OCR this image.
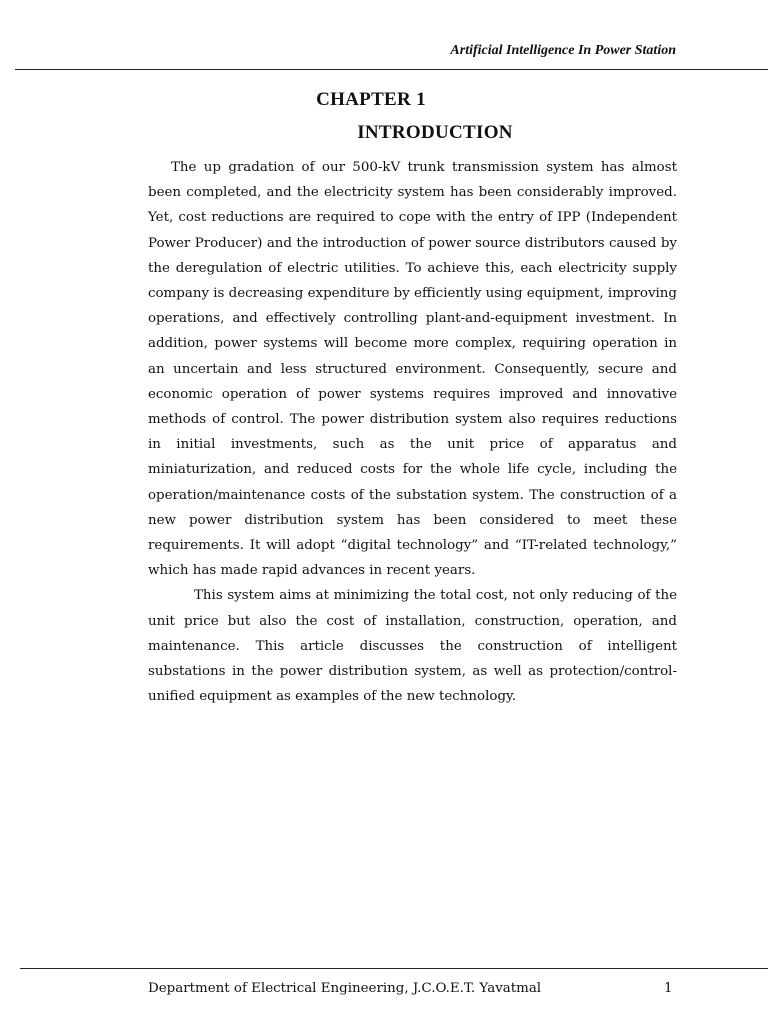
Artificial Intelligence In Power Station
CHAPTER 1
INTRODUCTION

The up gradation of our 500-kV trunk transmission system has almost been completed, and the electricity system has been considerably improved. Yet, cost reductions are required to cope with the entry of IPP (Independent Power Producer) and the introduction of power source distributors caused by the deregulation of electric utilities. To achieve this, each electricity supply company is decreasing expenditure by efficiently using equipment, improving operations, and effectively controlling plant-and-equipment investment. In addition, power systems will become more complex, requiring operation in an uncertain and less structured environment. Consequently, secure and economic operation of power systems requires improved and innovative methods of control. The power distribution system also requires reductions in initial investments, such as the unit price of apparatus and miniaturization, and reduced costs for the whole life cycle, including the operation/maintenance costs of the substation system. The construction of a new power distribution system has been considered to meet these requirements. It will adopt “digital technology” and “IT-related technology,” which has made rapid advances in recent years.

This system aims at minimizing the total cost, not only reducing of the unit price but also the cost of installation, construction, operation, and maintenance. This article discusses the construction of intelligent substations in the power distribution system, as well as protection/control-unified equipment as examples of the new technology.

Department of Electrical Engineering, J.C.O.E.T. Yavatmal	1
